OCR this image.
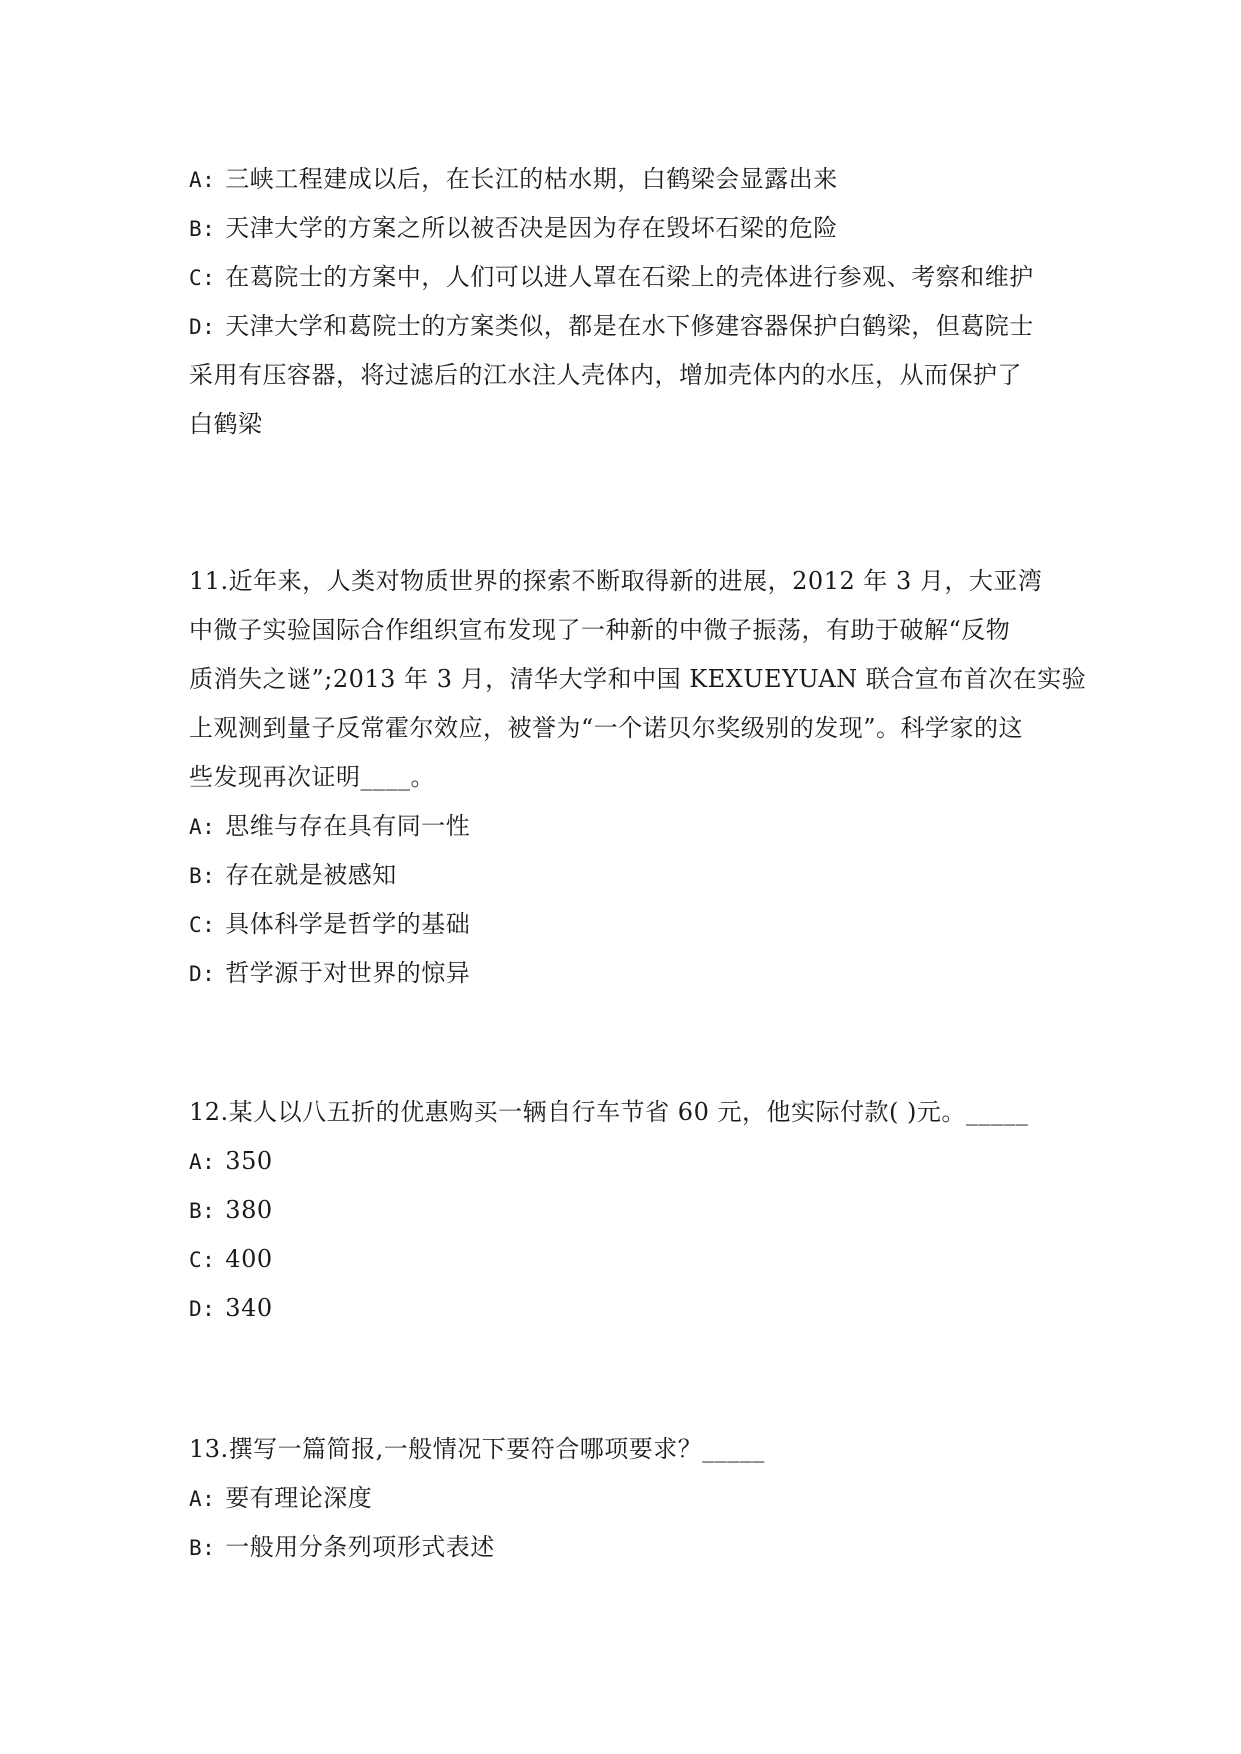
A: 三峡工程建成以后，在长江的枯水期，白鹤梁会显露出来
B: 天津大学的方案之所以被否决是因为存在毁坏石梁的危险
C: 在葛院士的方案中，人们可以进人罩在石梁上的壳体进行参观、考察和维护
D: 天津大学和葛院士的方案类似，都是在水下修建容器保护白鹤梁，但葛院士
采用有压容器，将过滤后的江水注人壳体内，增加壳体内的水压，从而保护了
白鹤梁
11.近年来，人类对物质世界的探索不断取得新的进展，2012 年 3 月，大亚湾
中微子实验国际合作组织宣布发现了一种新的中微子振荡，有助于破解“反物
质消失之谜”;2013 年 3 月，清华大学和中国 KEXUEYUAN 联合宣布首次在实验
上观测到量子反常霍尔效应，被誉为“一个诺贝尔奖级别的发现”。科学家的这
些发现再次证明____。
A: 思维与存在具有同一性
B: 存在就是被感知
C: 具体科学是哲学的基础
D: 哲学源于对世界的惊异
12.某人以八五折的优惠购买一辆自行车节省 60 元，他实际付款( )元。_____
A: 350
B: 380
C: 400
D: 340
13.撰写一篇简报,一般情况下要符合哪项要求？_____
A: 要有理论深度
B: 一般用分条列项形式表述
